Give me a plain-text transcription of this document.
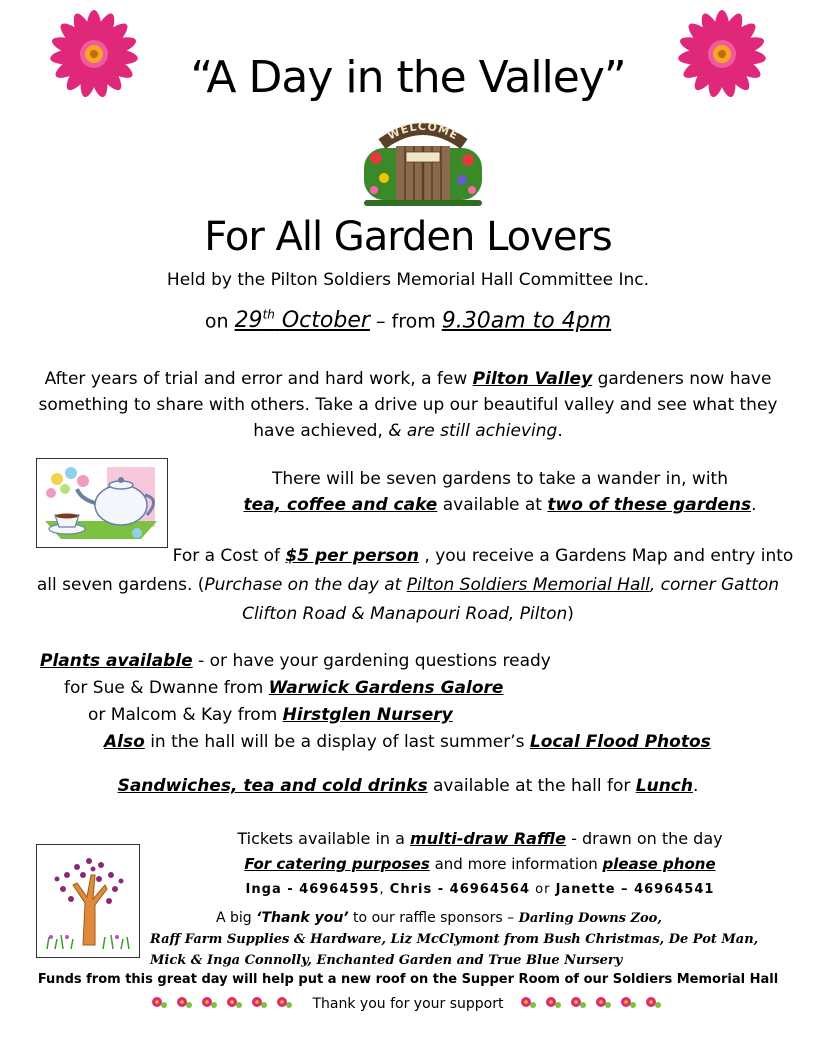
“A Day in the Valley”
WELCOME
For All Garden Lovers
Held by the Pilton Soldiers Memorial Hall Committee Inc.
on 29th October – from 9.30am to 4pm
After years of trial and error and hard work, a few Pilton Valley gardeners now have something to share with others. Take a drive up our beautiful valley and see what they have achieved, & are still achieving.
There will be seven gardens to take a wander in, with
tea, coffee and cake available at two of these gardens.
For a Cost of $5 per person , you receive a Gardens Map and entry into all seven gardens. (Purchase on the day at Pilton Soldiers Memorial Hall, corner Gatton Clifton Road & Manapouri Road, Pilton)
Plants available - or have your gardening questions ready
for Sue & Dwanne from Warwick Gardens Galore
or Malcom & Kay from Hirstglen Nursery
Also in the hall will be a display of last summer’s Local Flood Photos
Sandwiches, tea and cold drinks available at the hall for Lunch.
Tickets available in a multi-draw Raffle - drawn on the day
For catering purposes and more information please phone
Inga - 46964595, Chris - 46964564 or Janette – 46964541
A big ‘Thank you’ to our raffle sponsors – Darling Downs Zoo,
Raff Farm Supplies & Hardware, Liz McClymont from Bush Christmas, De Pot Man,
Mick & Inga Connolly, Enchanted Garden and True Blue Nursery
Funds from this great day will help put a new roof on the Supper Room of our Soldiers Memorial Hall
Thank you for your support
